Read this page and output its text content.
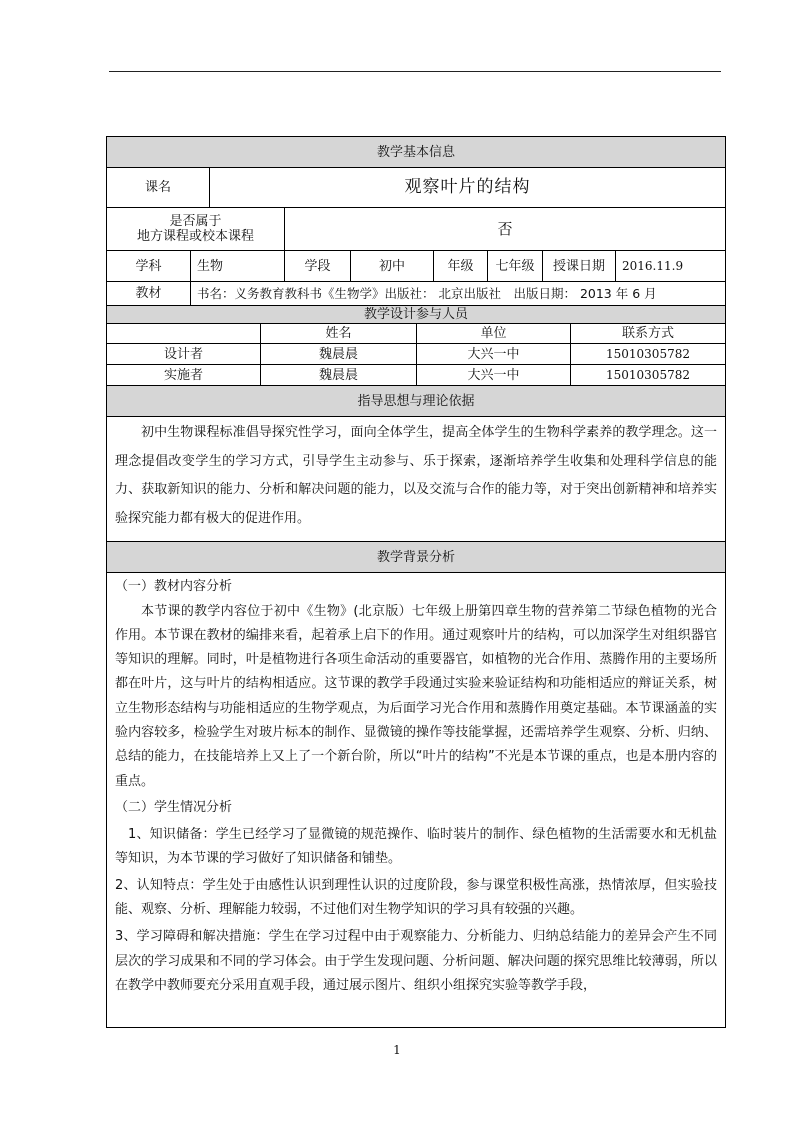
教学基本信息
课名	观察叶片的结构
是否属于
地方课程或校本课程	否
学科	生物	学段	初中	年级	七年级	授课日期	2016.11.9
教材	书名：义务教育教科书《生物学》出版社： 北京出版社　出版日期： 2013 年 6 月
教学设计参与人员
姓名	单位	联系方式
设计者	魏晨晨	大兴一中	15010305782
实施者	魏晨晨	大兴一中	15010305782
指导思想与理论依据
初中生物课程标准倡导探究性学习，面向全体学生，提高全体学生的生物科学素养的教学理念。这一理念提倡改变学生的学习方式，引导学生主动参与、乐于探索，逐渐培养学生收集和处理科学信息的能力、获取新知识的能力、分析和解决问题的能力，以及交流与合作的能力等，对于突出创新精神和培养实验探究能力都有极大的促进作用。
教学背景分析

（一）教材内容分析

本节课的教学内容位于初中《生物》(北京版）七年级上册第四章生物的营养第二节绿色植物的光合作用。本节课在教材的编排来看，起着承上启下的作用。通过观察叶片的结构，可以加深学生对组织器官等知识的理解。同时，叶是植物进行各项生命活动的重要器官，如植物的光合作用、蒸腾作用的主要场所都在叶片，这与叶片的结构相适应。这节课的教学手段通过实验来验证结构和功能相适应的辩证关系，树立生物形态结构与功能相适应的生物学观点，为后面学习光合作用和蒸腾作用奠定基础。本节课涵盖的实验内容较多，检验学生对玻片标本的制作、显微镜的操作等技能掌握，还需培养学生观察、分析、归纳、总结的能力，在技能培养上又上了一个新台阶，所以“叶片的结构”不光是本节课的重点，也是本册内容的重点。

（二）学生情况分析

1、知识储备：学生已经学习了显微镜的规范操作、临时装片的制作、绿色植物的生活需要水和无机盐等知识，为本节课的学习做好了知识储备和铺垫。

2、认知特点：学生处于由感性认识到理性认识的过度阶段，参与课堂积极性高涨，热情浓厚，但实验技能、观察、分析、理解能力较弱，不过他们对生物学知识的学习具有较强的兴趣。

3、学习障碍和解决措施：学生在学习过程中由于观察能力、分析能力、归纳总结能力的差异会产生不同层次的学习成果和不同的学习体会。由于学生发现问题、分析问题、解决问题的探究思维比较薄弱，所以在教学中教师要充分采用直观手段，通过展示图片、组织小组探究实验等教学手段，

1
